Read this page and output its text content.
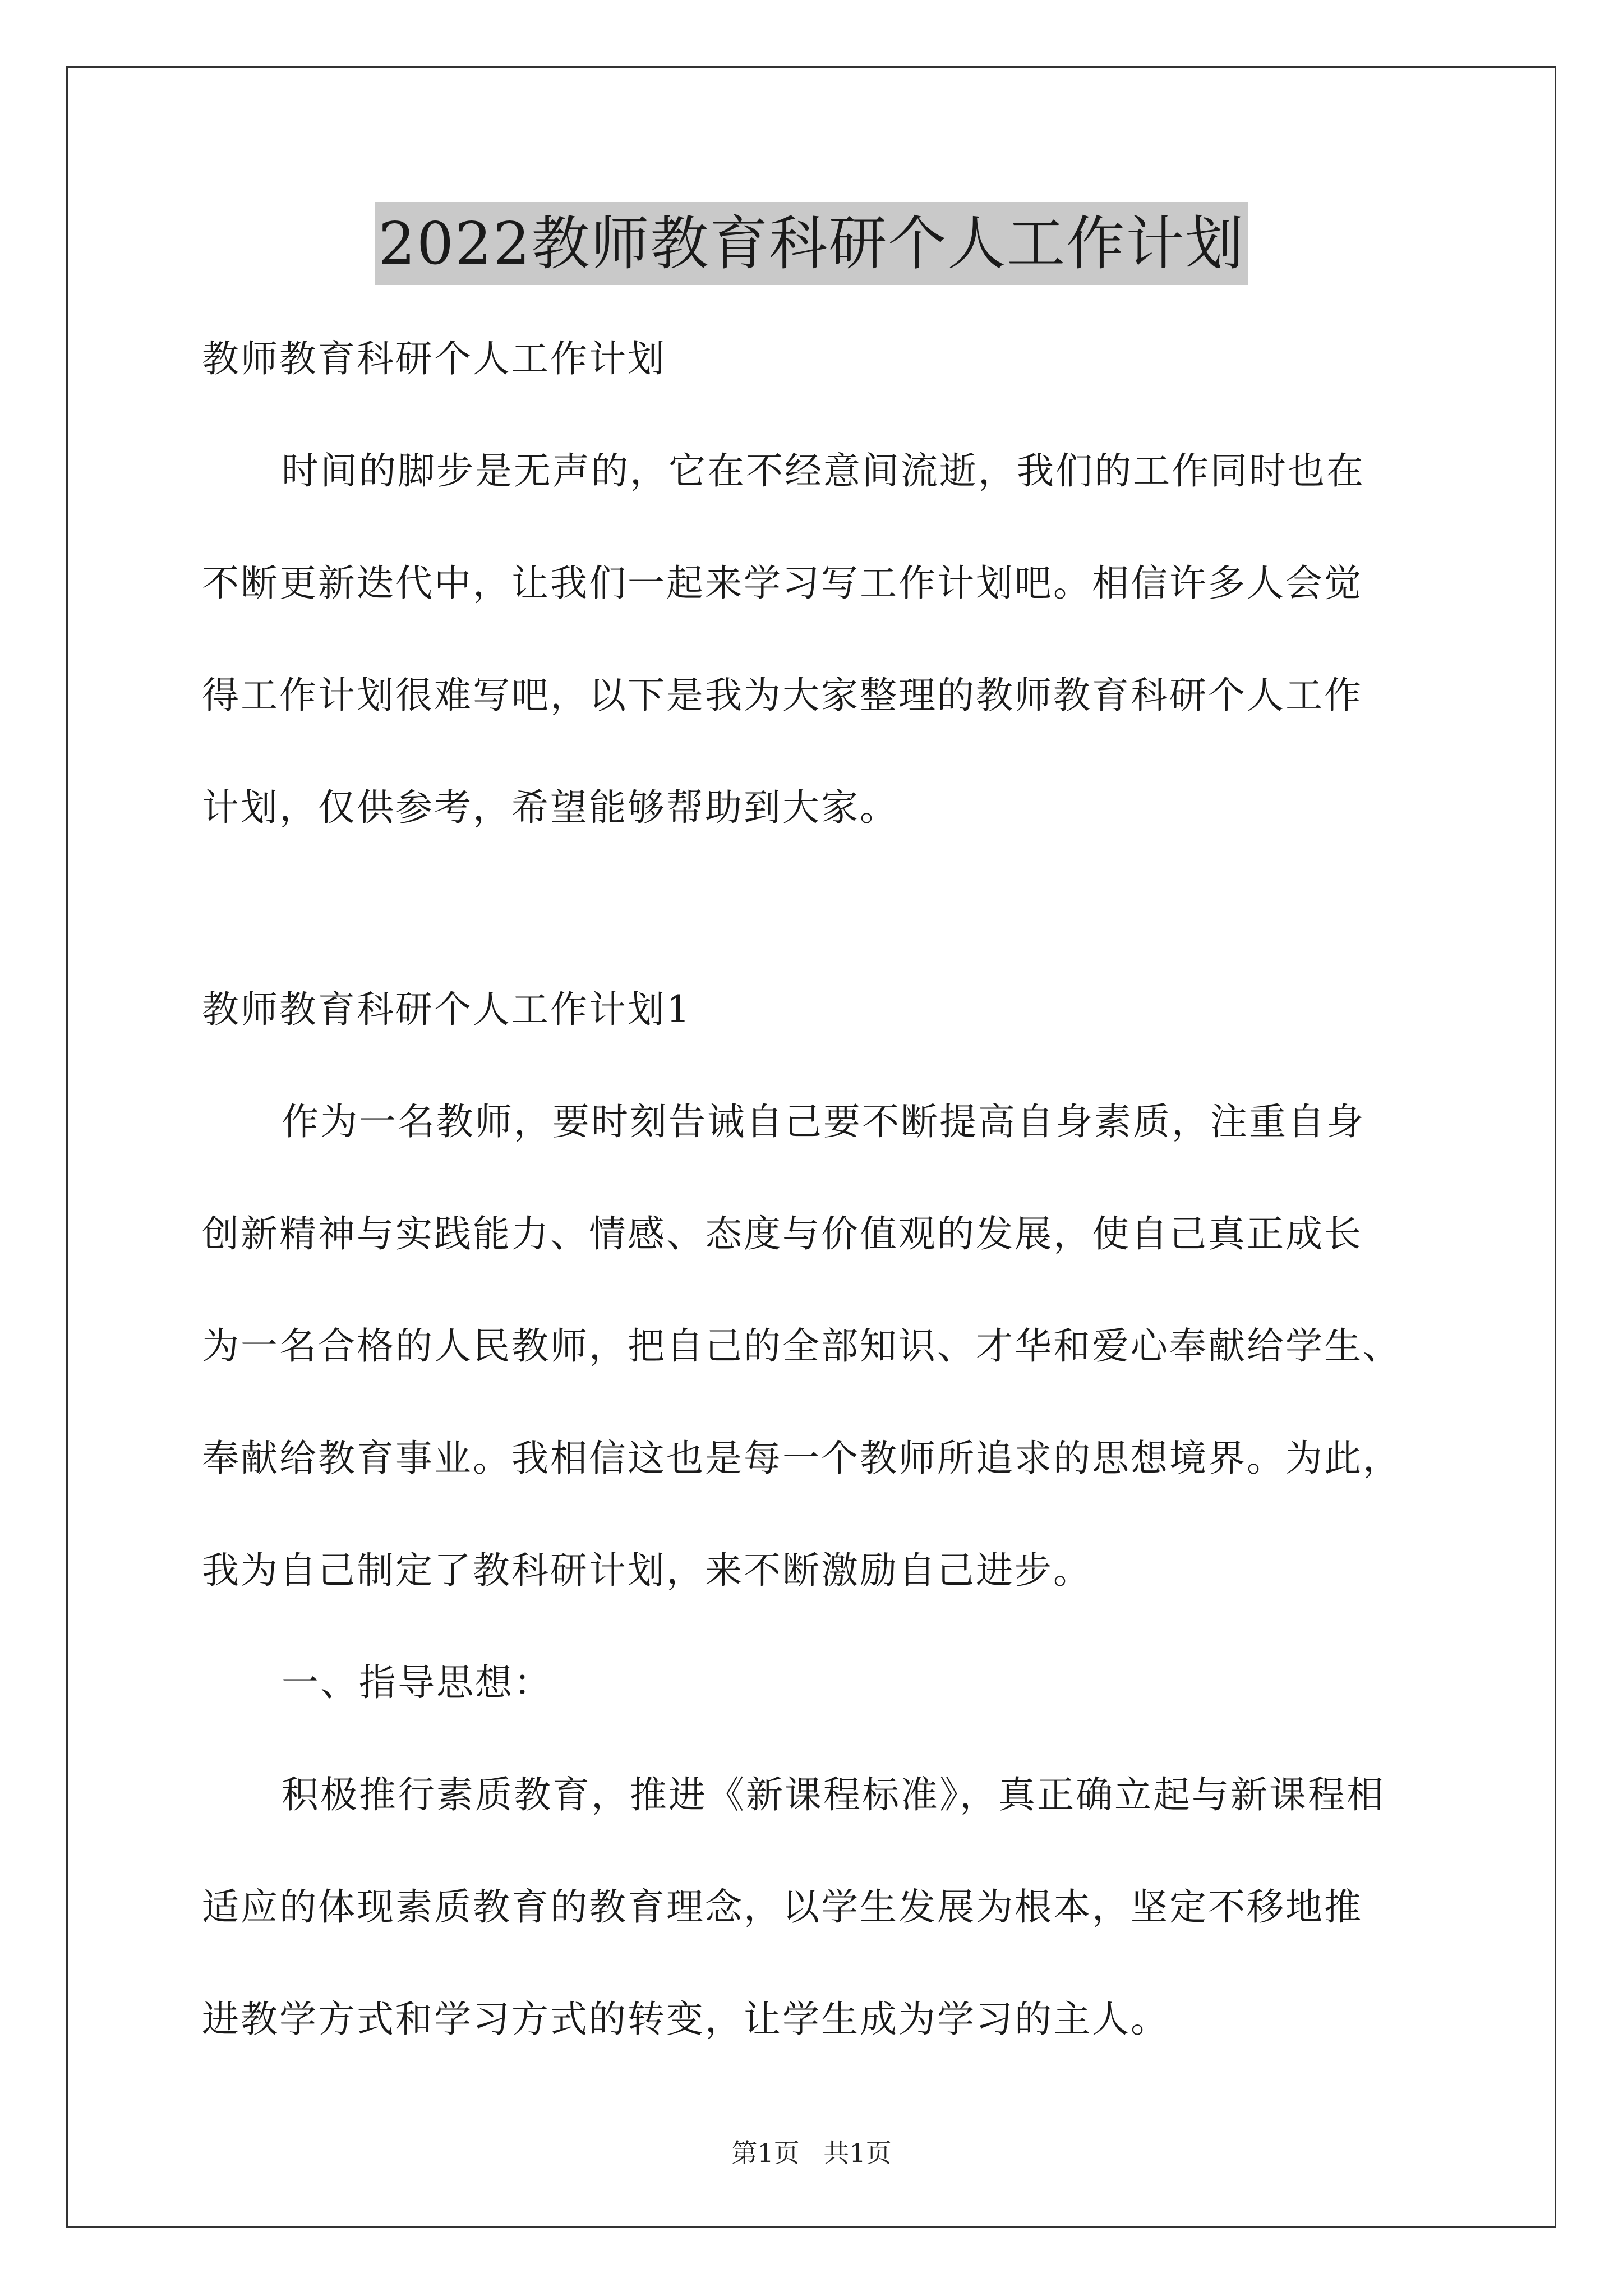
2022教师教育科研个人工作计划
教师教育科研个人工作计划
时间的脚步是无声的，它在不经意间流逝，我们的工作同时也在
不断更新迭代中，让我们一起来学习写工作计划吧。相信许多人会觉
得工作计划很难写吧，以下是我为大家整理的教师教育科研个人工作
计划，仅供参考，希望能够帮助到大家。
教师教育科研个人工作计划1
作为一名教师，要时刻告诫自己要不断提高自身素质，注重自身
创新精神与实践能力、情感、态度与价值观的发展，使自己真正成长
为一名合格的人民教师，把自己的全部知识、才华和爱心奉献给学生、
奉献给教育事业。我相信这也是每一个教师所追求的思想境界。为此，
我为自己制定了教科研计划，来不断激励自己进步。
一、指导思想：
积极推行素质教育，推进《新课程标准》，真正确立起与新课程相
适应的体现素质教育的教育理念，以学生发展为根本，坚定不移地推
进教学方式和学习方式的转变，让学生成为学习的主人。
第1页 共1页
